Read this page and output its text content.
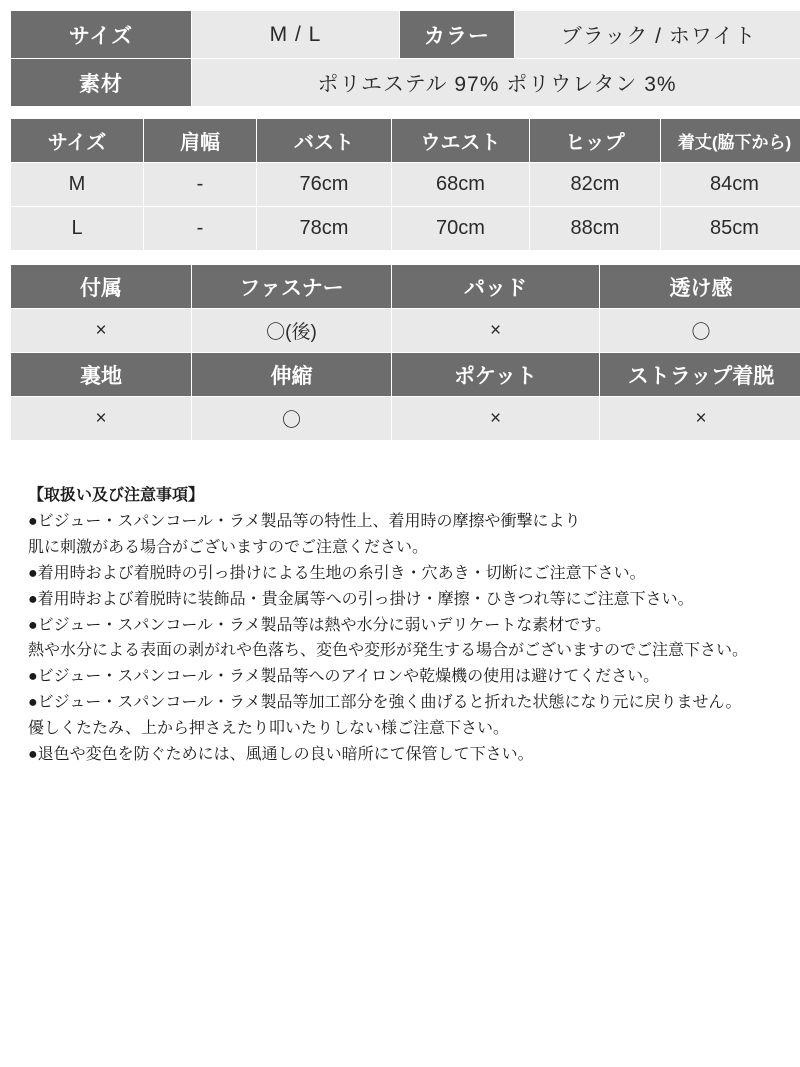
サイズ	M / L	カラー	ブラック / ホワイト
素材	ポリエステル 97% ポリウレタン 3%		
サイズ	肩幅	バスト	ウエスト	ヒップ	着丈(脇下から)
M	-	76cm	68cm	82cm	84cm
L	-	78cm	70cm	88cm	85cm
付属	ファスナー	パッド	透け感
×	〇(後)	×	〇
裏地	伸縮	ポケット	ストラップ着脱
×	〇	×	×
【取扱い及び注意事項】
●ビジュー・スパンコール・ラメ製品等の特性上、着用時の摩擦や衝撃により
肌に刺激がある場合がございますのでご注意ください。
●着用時および着脱時の引っ掛けによる生地の糸引き・穴あき・切断にご注意下さい。
●着用時および着脱時に装飾品・貴金属等への引っ掛け・摩擦・ひきつれ等にご注意下さい。
●ビジュー・スパンコール・ラメ製品等は熱や水分に弱いデリケートな素材です。
熱や水分による表面の剥がれや色落ち、変色や変形が発生する場合がございますのでご注意下さい。
●ビジュー・スパンコール・ラメ製品等へのアイロンや乾燥機の使用は避けてください。
●ビジュー・スパンコール・ラメ製品等加工部分を強く曲げると折れた状態になり元に戻りません。
優しくたたみ、上から押さえたり叩いたりしない様ご注意下さい。
●退色や変色を防ぐためには、風通しの良い暗所にて保管して下さい。
